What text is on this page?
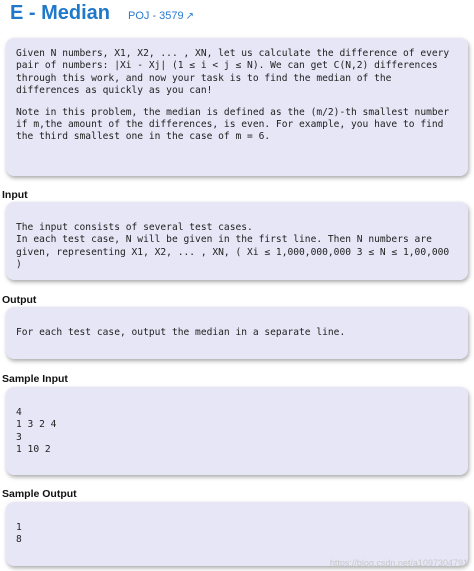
E - Median POJ - 3579 ↗

Given N numbers, X1, X2, ... , XN, let us calculate the difference of every pair of numbers: ∣Xi - Xj∣ (1 ≤ i < j ≤ N). We can get C(N,2) differences through this work, and now your task is to find the median of the differences as quickly as you can!

Note in this problem, the median is defined as the (m/2)-th smallest number if m,the amount of the differences, is even. For example, you have to find the third smallest one in the case of m = 6.

Input

The input consists of several test cases.

In each test case, N will be given in the first line. Then N numbers are given, representing X1, X2, ... , XN, ( Xi ≤ 1,000,000,000 3 ≤ N ≤ 1,00,000 )

Output

For each test case, output the median in a separate line.

Sample Input
4
1 3 2 4
3
1 10 2
Sample Output
1
8
https://blog.csdn.net/a1097304791
